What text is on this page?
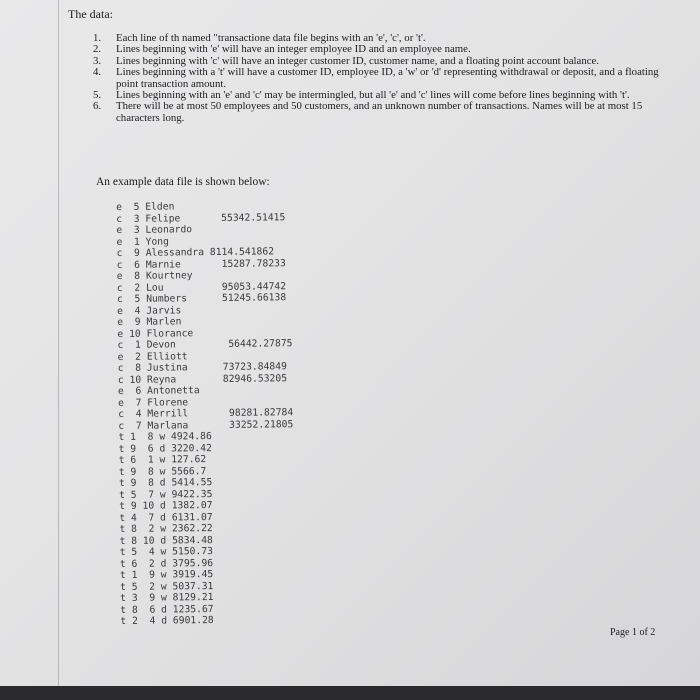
The data:
1.	Each line of th named "transactione data file begins with an 'e', 'c', or 't'.
2.	Lines beginning with 'e' will have an integer employee ID and an employee name.
3.	Lines beginning with 'c' will have an integer customer ID, customer name, and a floating point account balance.
4.	Lines beginning with a 't' will have a customer ID, employee ID, a 'w' or 'd' representing withdrawal or deposit, and a floating point transaction amount.
5.	Lines beginning with an 'e' and 'c' may be intermingled, but all 'e' and 'c' lines will come before lines beginning with 't'.
6.	There will be at most 50 employees and 50 customers, and an unknown number of transactions. Names will be at most 15 characters long.
An example data file is shown below:
e  5 Elden
c  3 Felipe       55342.51415
e  3 Leonardo
e  1 Yong
c  9 Alessandra 8114.541862
c  6 Marnie       15287.78233
e  8 Kourtney
c  2 Lou          95053.44742
c  5 Numbers      51245.66138
e  4 Jarvis
e  9 Marlen
e 10 Florance
c  1 Devon         56442.27875
e  2 Elliott
c  8 Justina      73723.84849
c 10 Reyna        82946.53205
e  6 Antonetta
e  7 Florene
c  4 Merrill       98281.82784
c  7 Marlana       33252.21805
t 1  8 w 4924.86
t 9  6 d 3220.42
t 6  1 w 127.62
t 9  8 w 5566.7
t 9  8 d 5414.55
t 5  7 w 9422.35
t 9 10 d 1382.07
t 4  7 d 6131.07
t 8  2 w 2362.22
t 8 10 d 5834.48
t 5  4 w 5150.73
t 6  2 d 3795.96
t 1  9 w 3919.45
t 5  2 w 5037.31
t 3  9 w 8129.21
t 8  6 d 1235.67
t 2  4 d 6901.28
Page 1 of 2
